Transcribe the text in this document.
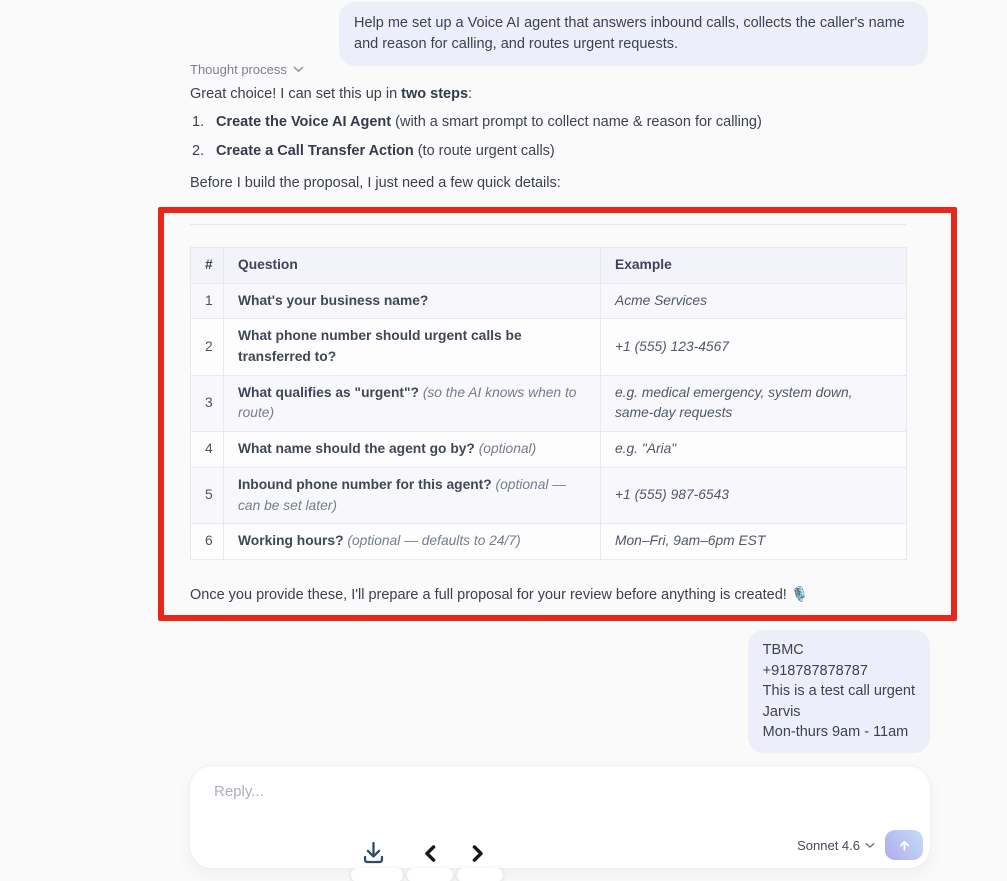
Help me set up a Voice AI agent that answers inbound calls, collects the caller's name and reason for calling, and routes urgent requests.
Thought process
Great choice! I can set this up in two steps:
1. Create the Voice AI Agent (with a smart prompt to collect name & reason for calling)
2. Create a Call Transfer Action (to route urgent calls)
Before I build the proposal, I just need a few quick details:
#	Question	Example
1	What's your business name?	Acme Services
2	What phone number should urgent calls be transferred to?	+1 (555) 123-4567
3	What qualifies as "urgent"? (so the AI knows when to route)	e.g. medical emergency, system down, same-day requests
4	What name should the agent go by? (optional)	e.g. "Aria"
5	Inbound phone number for this agent? (optional — can be set later)	+1 (555) 987-6543
6	Working hours? (optional — defaults to 24/7)	Mon–Fri, 9am–6pm EST
Once you provide these, I'll prepare a full proposal for your review before anything is created! 🎙️
TBMC
+918787878787
This is a test call urgent
Jarvis
Mon-thurs 9am - 11am
Reply...
Sonnet 4.6
